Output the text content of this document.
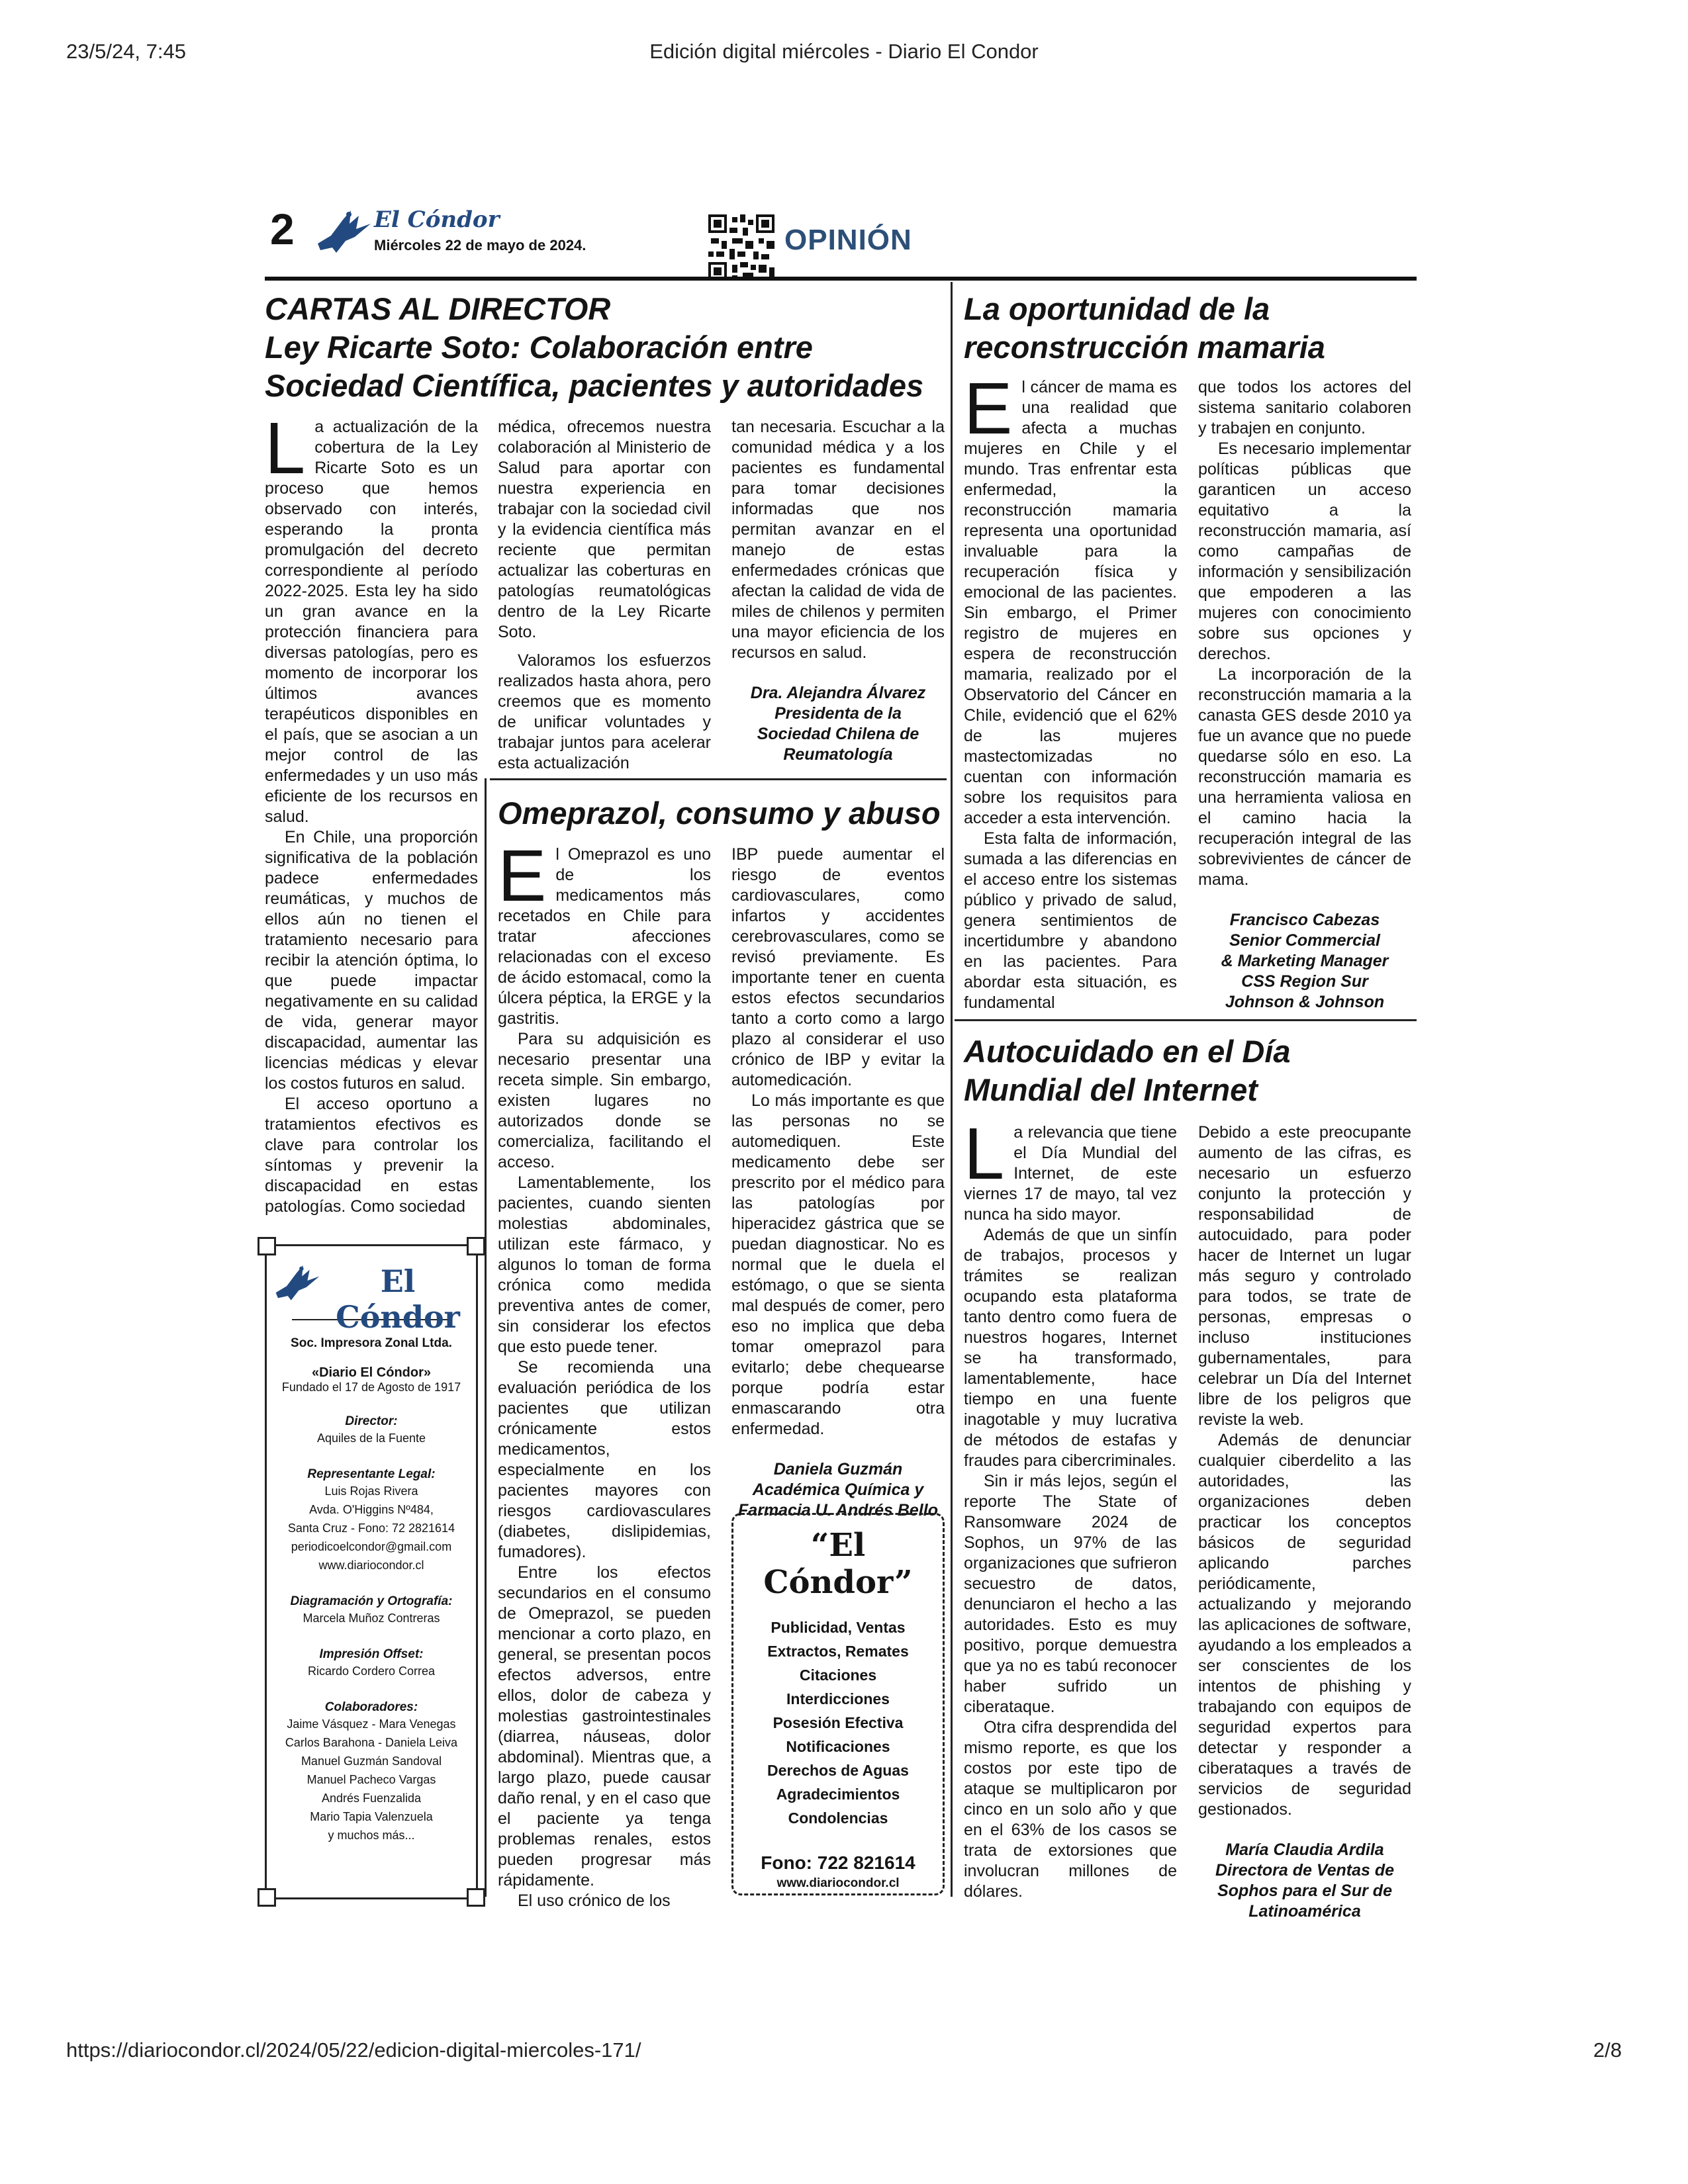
23/5/24, 7:45	Edición digital miércoles - Diario El Condor
https://diariocondor.cl/2024/05/22/edicion-digital-miercoles-171/	2/8
2	El Cóndor
Miércoles 22 de mayo de 2024.	OPINIÓN
CARTAS AL DIRECTOR
Ley Ricarte Soto: Colaboración entre
Sociedad Científica, pacientes y autoridades

La actualización de la cobertura de la Ley Ricarte Soto es un proceso que hemos observado con interés, esperando la pronta promulgación del decreto correspondiente al período 2022-2025. Esta ley ha sido un gran avance en la protección financiera para diversas patologías, pero es momento de incorporar los últimos avances terapéuticos disponibles en el país, que se asocian a un mejor control de las enfermedades y un uso más eficiente de los recursos en salud.

En Chile, una proporción significativa de la población padece enfermedades reumáticas, y muchos de ellos aún no tienen el tratamiento necesario para recibir la atención óptima, lo que puede impactar negativamente en su calidad de vida, generar mayor discapacidad, aumentar las licencias médicas y elevar los costos futuros en salud.

El acceso oportuno a tratamientos efectivos es clave para controlar los síntomas y prevenir la discapacidad en estas patologías. Como sociedad

médica, ofrecemos nuestra colaboración al Ministerio de Salud para aportar con nuestra experiencia en trabajar con la sociedad civil y la evidencia científica más reciente que permitan actualizar las coberturas en patologías reumatológicas dentro de la Ley Ricarte Soto.

Valoramos los esfuerzos realizados hasta ahora, pero creemos que es momento de unificar voluntades y trabajar juntos para acelerar esta actualización

tan necesaria. Escuchar a la comunidad médica y a los pacientes es fundamental para tomar decisiones informadas que nos permitan avanzar en el manejo de estas enfermedades crónicas que afectan la calidad de vida de miles de chilenos y permiten una mayor eficiencia de los recursos en salud.

Dra. Alejandra Álvarez
Presidenta de la
Sociedad Chilena de
Reumatología
Omeprazol, consumo y abuso

El Omeprazol es uno de los medicamentos más recetados en Chile para tratar afecciones relacionadas con el exceso de ácido estomacal, como la úlcera péptica, la ERGE y la gastritis.

Para su adquisición es necesario presentar una receta simple. Sin embargo, existen lugares no autorizados donde se comercializa, facilitando el acceso.

Lamentablemente, los pacientes, cuando sienten molestias abdominales, utilizan este fármaco, y algunos lo toman de forma crónica como medida preventiva antes de comer, sin considerar los efectos que esto puede tener.

Se recomienda una evaluación periódica de los pacientes que utilizan crónicamente estos medicamentos, especialmente en los pacientes mayores con riesgos cardiovasculares (diabetes, dislipidemias, fumadores).

Entre los efectos secundarios en el consumo de Omeprazol, se pueden mencionar a corto plazo, en general, se presentan pocos efectos adversos, entre ellos, dolor de cabeza y molestias gastrointestinales (diarrea, náuseas, dolor abdominal). Mientras que, a largo plazo, puede causar daño renal, y en el caso que el paciente ya tenga problemas renales, estos pueden progresar más rápidamente.

El uso crónico de los

IBP puede aumentar el riesgo de eventos cardiovasculares, como infartos y accidentes cerebrovasculares, como se revisó previamente. Es importante tener en cuenta estos efectos secundarios tanto a corto como a largo plazo al considerar el uso crónico de IBP y evitar la automedicación.

Lo más importante es que las personas no se automediquen. Este medicamento debe ser prescrito por el médico para las patologías por hiperacidez gástrica que se puedan diagnosticar. No es normal que le duela el estómago, o que se sienta mal después de comer, pero eso no implica que deba tomar omeprazol para evitarlo; debe chequearse porque podría estar enmascarando otra enfermedad.

Daniela Guzmán
Académica Química y
Farmacia U. Andrés Bello
La oportunidad de la
reconstrucción mamaria

El cáncer de mama es una realidad que afecta a muchas mujeres en Chile y el mundo. Tras enfrentar esta enfermedad, la reconstrucción mamaria representa una oportunidad invaluable para la recuperación física y emocional de las pacientes. Sin embargo, el Primer registro de mujeres en espera de reconstrucción mamaria, realizado por el Observatorio del Cáncer en Chile, evidenció que el 62% de las mujeres mastectomizadas no cuentan con información sobre los requisitos para acceder a esta intervención.

Esta falta de información, sumada a las diferencias en el acceso entre los sistemas público y privado de salud, genera sentimientos de incertidumbre y abandono en las pacientes. Para abordar esta situación, es fundamental

que todos los actores del sistema sanitario colaboren y trabajen en conjunto.

Es necesario implementar políticas públicas que garanticen un acceso equitativo a la reconstrucción mamaria, así como campañas de información y sensibilización que empoderen a las mujeres con conocimiento sobre sus opciones y derechos.

La incorporación de la reconstrucción mamaria a la canasta GES desde 2010 ya fue un avance que no puede quedarse sólo en eso. La reconstrucción mamaria es una herramienta valiosa en el camino hacia la recuperación integral de las sobrevivientes de cáncer de mama.

Francisco Cabezas
Senior Commercial
& Marketing Manager
CSS Region Sur
Johnson & Johnson
Autocuidado en el Día
Mundial del Internet

La relevancia que tiene el Día Mundial del Internet, de este viernes 17 de mayo, tal vez nunca ha sido mayor.

Además de que un sinfín de trabajos, procesos y trámites se realizan ocupando esta plataforma tanto dentro como fuera de nuestros hogares, Internet se ha transformado, lamentablemente, hace tiempo en una fuente inagotable y muy lucrativa de métodos de estafas y fraudes para cibercriminales.

Sin ir más lejos, según el reporte The State of Ransomware 2024 de Sophos, un 97% de las organizaciones que sufrieron secuestro de datos, denunciaron el hecho a las autoridades. Esto es muy positivo, porque demuestra que ya no es tabú reconocer haber sufrido un ciberataque.

Otra cifra desprendida del mismo reporte, es que los costos por este tipo de ataque se multiplicaron por cinco en un solo año y que en el 63% de los casos se trata de extorsiones que involucran millones de dólares.

Debido a este preocupante aumento de las cifras, es necesario un esfuerzo conjunto la protección y responsabilidad de autocuidado, para poder hacer de Internet un lugar más seguro y controlado para todos, se trate de personas, empresas o incluso instituciones gubernamentales, para celebrar un Día del Internet libre de los peligros que reviste la web.

Además de denunciar cualquier ciberdelito a las autoridades, las organizaciones deben practicar los conceptos básicos de seguridad aplicando parches periódicamente, actualizando y mejorando las aplicaciones de software, ayudando a los empleados a ser conscientes de los intentos de phishing y trabajando con equipos de seguridad expertos para detectar y responder a ciberataques a través de servicios de seguridad gestionados.

María Claudia Ardila
Directora de Ventas de
Sophos para el Sur de
Latinoamérica
El Cóndor
Soc. Impresora Zonal Ltda.
«Diario El Cóndor»
Fundado el 17 de Agosto de 1917
Director:
Aquiles de la Fuente
Representante Legal:
Luis Rojas Rivera
Avda. O'Higgins Nº484,
Santa Cruz - Fono: 72 2821614
periodicoelcondor@gmail.com
www.diariocondor.cl
Diagramación y Ortografía:
Marcela Muñoz Contreras
Impresión Offset:
Ricardo Cordero Correa
Colaboradores:
Jaime Vásquez - Mara Venegas
Carlos Barahona - Daniela Leiva
Manuel Guzmán Sandoval
Manuel Pacheco Vargas
Andrés Fuenzalida
Mario Tapia Valenzuela
y muchos más...
“El Cóndor”
Publicidad, Ventas
Extractos, Remates
Citaciones
Interdicciones
Posesión Efectiva
Notificaciones
Derechos de Aguas
Agradecimientos
Condolencias
Fono: 722 821614
www.diariocondor.cl
